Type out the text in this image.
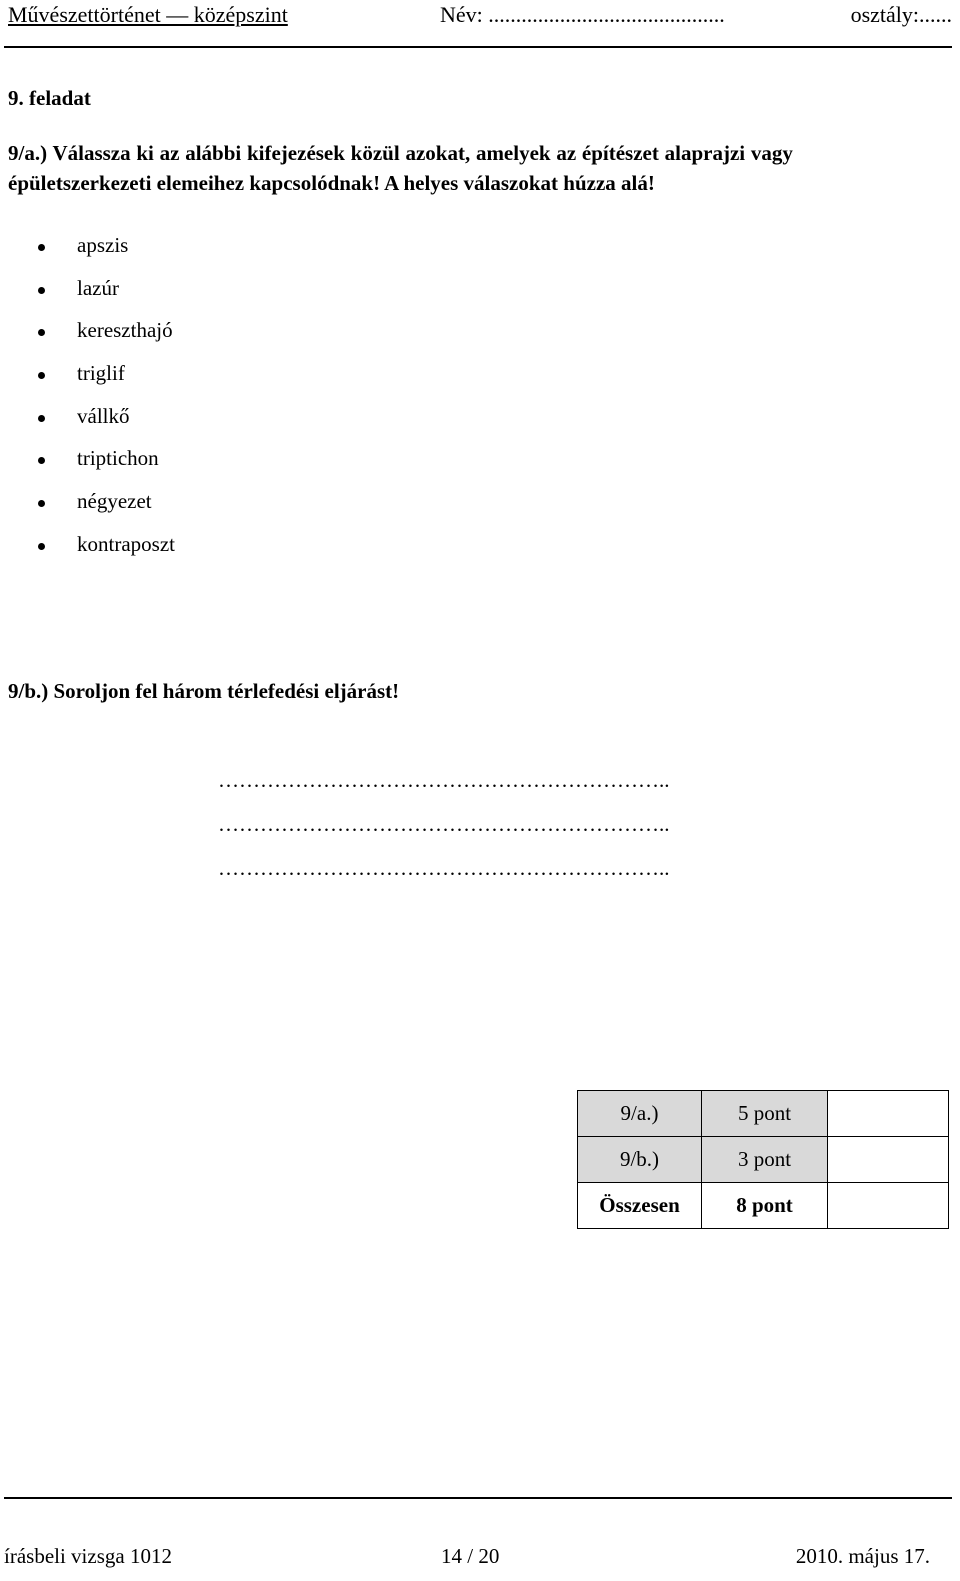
Művészettörténet — középszint	Név: ...........................................	osztály:......
9. feladat
9/a.) Válassza ki az alábbi kifejezések közül azokat, amelyek az építészet alaprajzi vagy
épületszerkezeti elemeihez kapcsolódnak! A helyes válaszokat húzza alá!
apszis
lazúr
kereszthajó
triglif
vállkő
triptichon
négyezet
kontraposzt
9/b.) Soroljon fel három térlefedési eljárást!
………………………………………………………..
………………………………………………………..
………………………………………………………..
9/a.)	5 pont	
9/b.)	3 pont	
Összesen	8 pont	
írásbeli vizsga 1012	14 / 20	2010. május 17.
